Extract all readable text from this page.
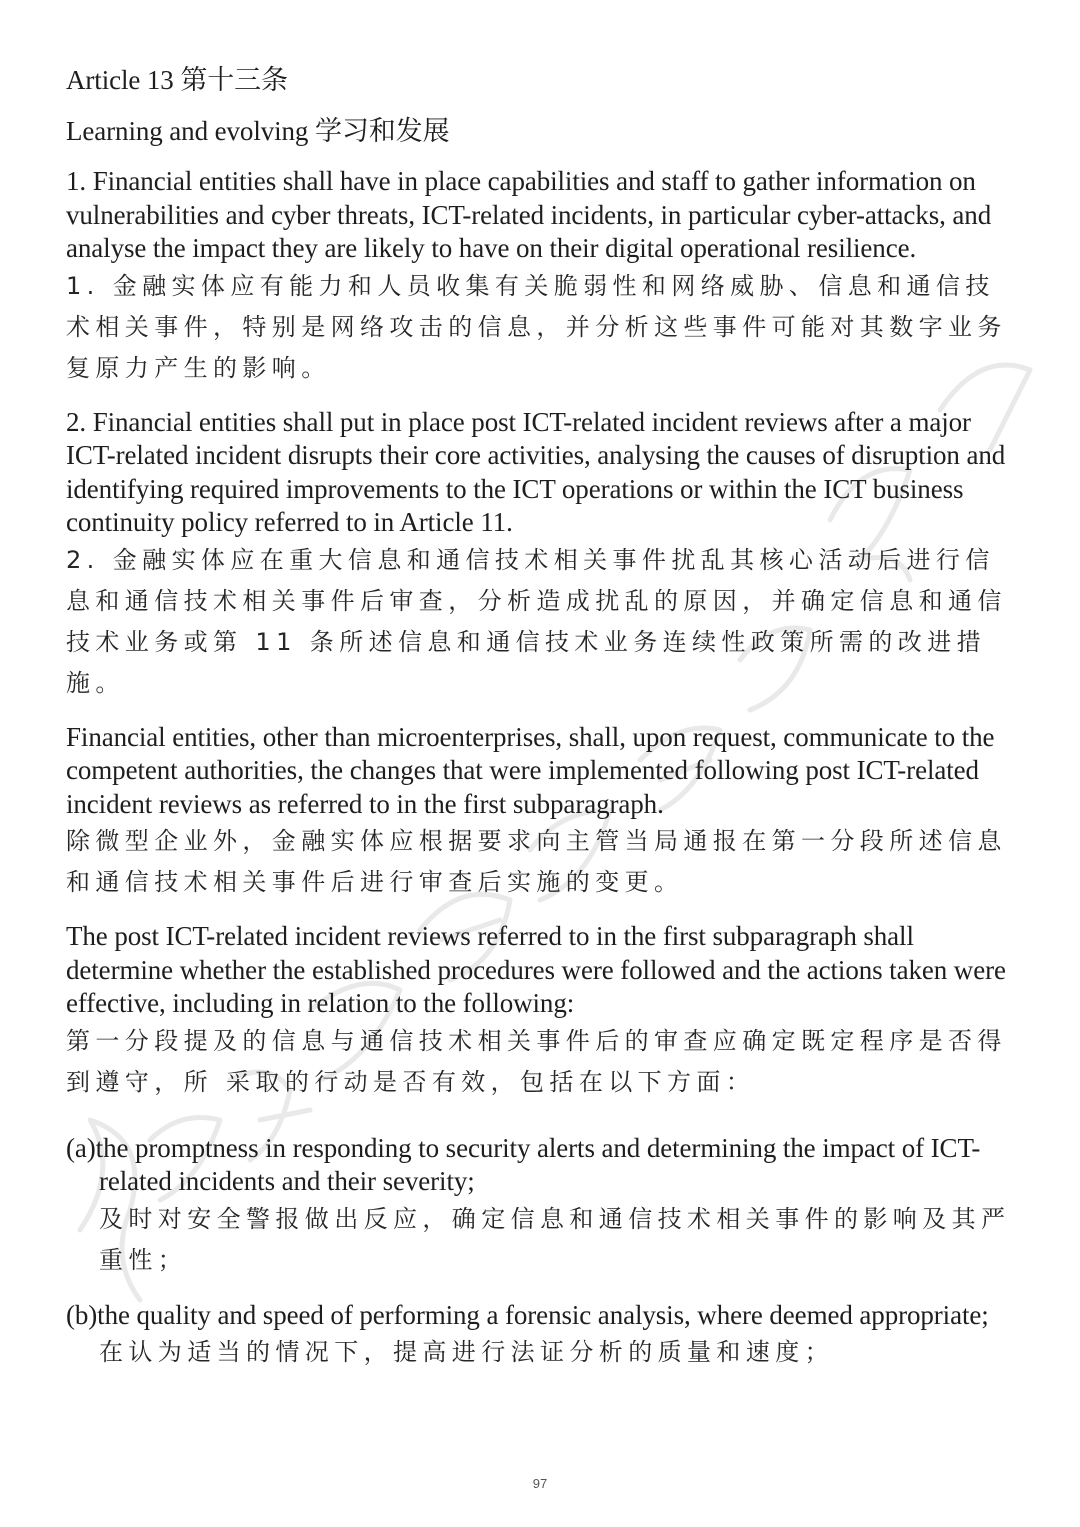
Article 13 第十三条

Learning and evolving 学习和发展

1. Financial entities shall have in place capabilities and staff to gather information on vulnerabilities and cyber threats, ICT-related incidents, in particular cyber-attacks, and analyse the impact they are likely to have on their digital operational resilience.

1. 金融实体应有能力和人员收集有关脆弱性和网络威胁、信息和通信技术相关事件，特别是网络攻击的信息，并分析这些事件可能对其数字业务复原力产生的影响。

2. Financial entities shall put in place post ICT-related incident reviews after a major ICT-related incident disrupts their core activities, analysing the causes of disruption and identifying required improvements to the ICT operations or within the ICT business continuity policy referred to in Article 11.

2. 金融实体应在重大信息和通信技术相关事件扰乱其核心活动后进行信息和通信技术相关事件后审查，分析造成扰乱的原因，并确定信息和通信技术业务或第 11 条所述信息和通信技术业务连续性政策所需的改进措施。

Financial entities, other than microenterprises, shall, upon request, communicate to the competent authorities, the changes that were implemented following post ICT-related incident reviews as referred to in the first subparagraph.

除微型企业外，金融实体应根据要求向主管当局通报在第一分段所述信息和通信技术相关事件后进行审查后实施的变更。

The post ICT-related incident reviews referred to in the first subparagraph shall determine whether the established procedures were followed and the actions taken were effective, including in relation to the following:

第一分段提及的信息与通信技术相关事件后的审查应确定既定程序是否得到遵守，所 采取的行动是否有效，包括在以下方面：

(a)the promptness in responding to security alerts and determining the impact of ICT-related incidents and their severity;

及时对安全警报做出反应，确定信息和通信技术相关事件的影响及其严重性；

(b)the quality and speed of performing a forensic analysis, where deemed appropriate;

在认为适当的情况下，提高进行法证分析的质量和速度；

97
